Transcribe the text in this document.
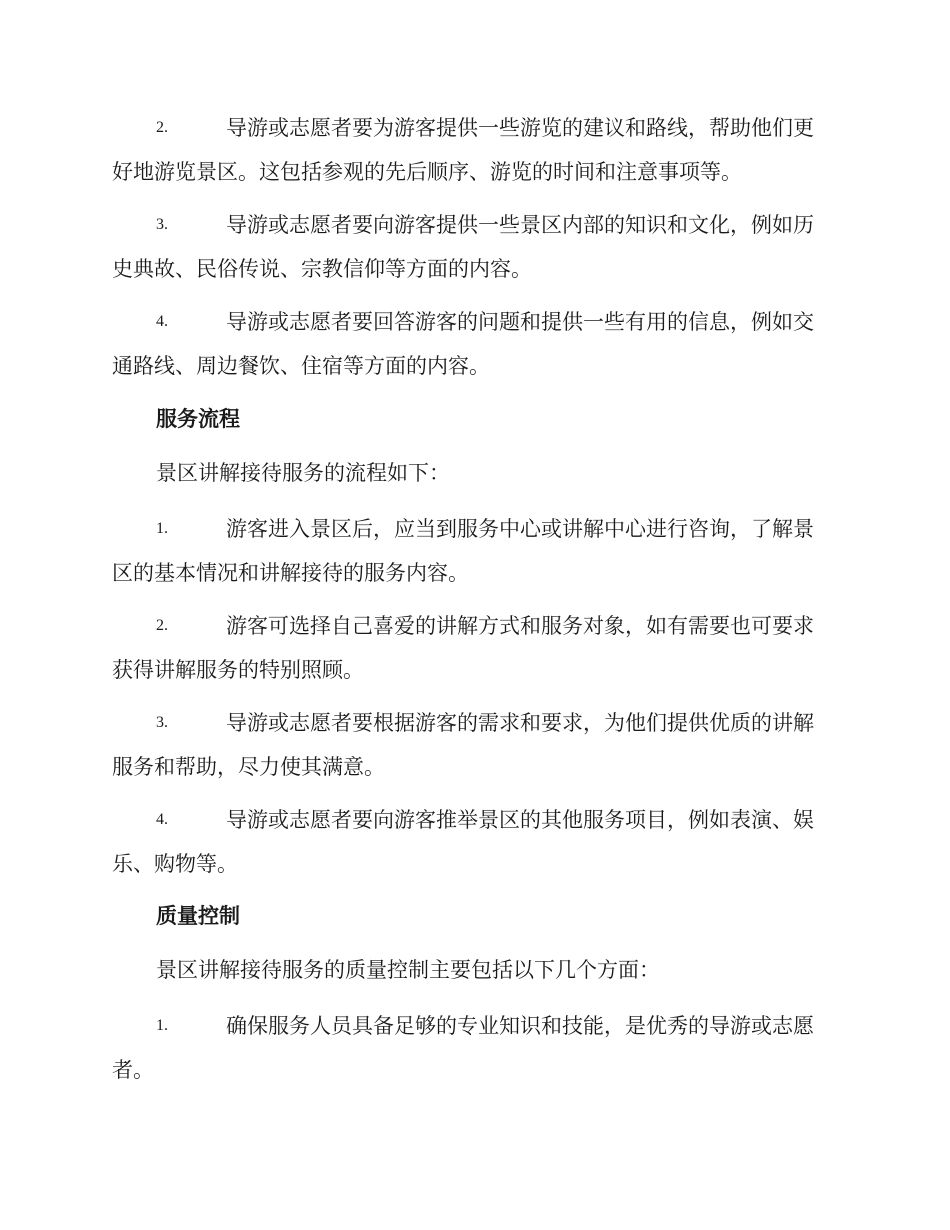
2.	导游或志愿者要为游客提供一些游览的建议和路线，帮助他们更
好地游览景区。这包括参观的先后顺序、游览的时间和注意事项等。
3.	导游或志愿者要向游客提供一些景区内部的知识和文化，例如历
史典故、民俗传说、宗教信仰等方面的内容。
4.	导游或志愿者要回答游客的问题和提供一些有用的信息，例如交
通路线、周边餐饮、住宿等方面的内容。
服务流程
景区讲解接待服务的流程如下：
1.	游客进入景区后，应当到服务中心或讲解中心进行咨询，了解景
区的基本情况和讲解接待的服务内容。
2.	游客可选择自己喜爱的讲解方式和服务对象，如有需要也可要求
获得讲解服务的特别照顾。
3.	导游或志愿者要根据游客的需求和要求，为他们提供优质的讲解
服务和帮助，尽力使其满意。
4.	导游或志愿者要向游客推举景区的其他服务项目，例如表演、娱
乐、购物等。
质量控制
景区讲解接待服务的质量控制主要包括以下几个方面：
1.	确保服务人员具备足够的专业知识和技能，是优秀的导游或志愿
者。
